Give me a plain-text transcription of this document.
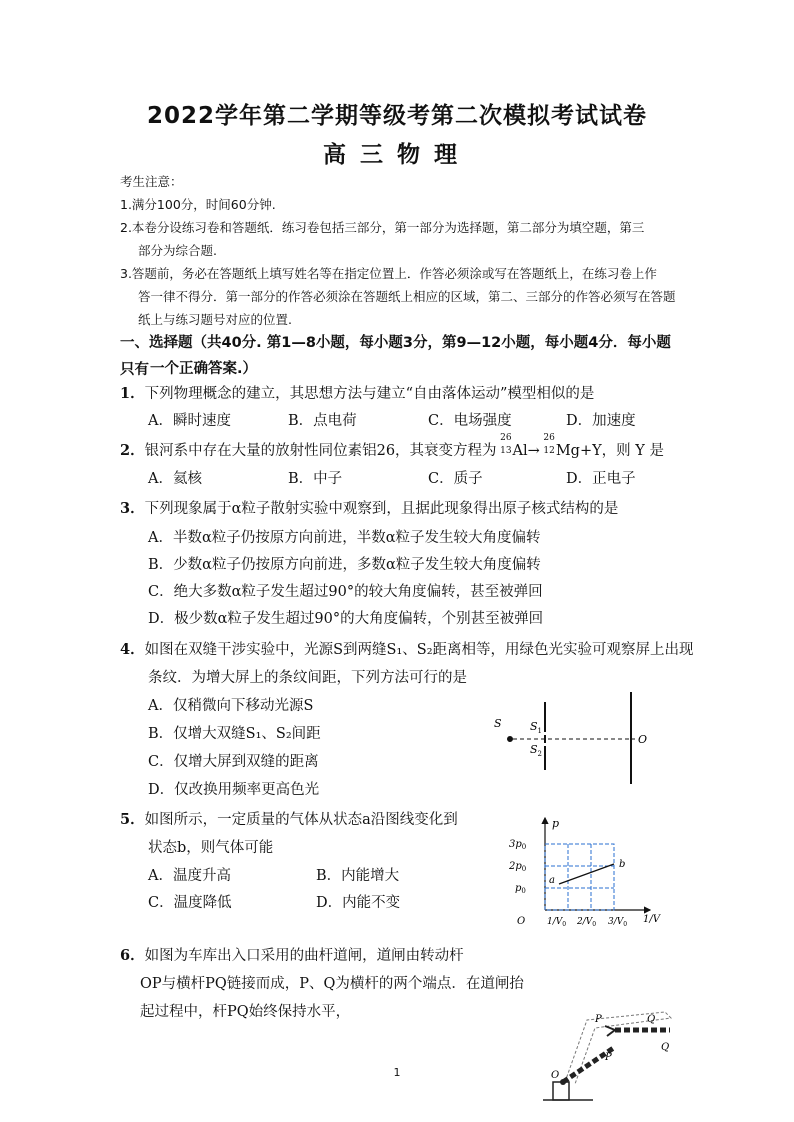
2022学年第二学期等级考第二次模拟考试试卷
高三物理
考生注意：
1.满分100分，时间60分钟.
2.本卷分设练习卷和答题纸．练习卷包括三部分，第一部分为选择题，第二部分为填空题，第三
部分为综合题.
3.答题前，务必在答题纸上填写姓名等在指定位置上．作答必须涂或写在答题纸上，在练习卷上作
答一律不得分．第一部分的作答必须涂在答题纸上相应的区域，第二、三部分的作答必须写在答题
纸上与练习题号对应的位置.
一、选择题（共40分. 第1—8小题，每小题3分，第9—12小题，每小题4分．每小题只有 一个正确答案.）
1．下列物理概念的建立，其思想方法与建立“自由落体运动”模型相似的是
A．瞬时速度	B．点电荷	C．电场强度	D．加速度
2．银河系中存在大量的放射性同位素铝26，其衰变方程为
26
13 Al→
26
12 Mg+Y，则 Y 是
A．氦核	B．中子	C．质子	D．正电子
3．下列现象属于α粒子散射实验中观察到，且据此现象得出原子核式结构的是
A．半数α粒子仍按原方向前进，半数α粒子发生较大角度偏转
B．少数α粒子仍按原方向前进，多数α粒子发生较大角度偏转
C．绝大多数α粒子发生超过90°的较大角度偏转，甚至被弹回
D．极少数α粒子发生超过90°的大角度偏转，个别甚至被弹回
4．如图在双缝干涉实验中，光源S到两缝S₁、S₂距离相等，用绿色光实验可观察屏上出现
条纹．为增大屏上的条纹间距，下列方法可行的是
A．仅稍微向下移动光源S
B．仅增大双缝S₁、S₂间距
C．仅增大屏到双缝的距离
D．仅改换用频率更高色光
S	$S_1$
$S_2$
O
5．如图所示，一定质量的气体从状态a沿图线变化到
状态b，则气体可能
A．温度升高	B．内能增大
C．温度降低	D．内能不变
p
1/V
O
$3p_0$
$2p_0$
$p_0$
$1/V_0$ $2/V_0$ $3/V_0$
a
b
6．如图为车库出入口采用的曲杆道闸，道闸由转动杆
OP与横杆PQ链接而成，P、Q为横杆的两个端点．在道闸抬
起过程中，杆PQ始终保持水平，	P	Q
P
Q
O
1
